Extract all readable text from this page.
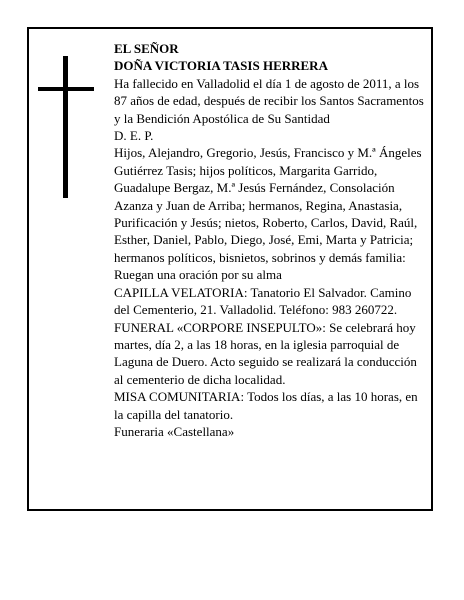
EL SEÑOR

DOÑA VICTORIA TASIS HERRERA

Ha fallecido en Valladolid el día 1 de agosto de 2011, a los 87 años de edad, después de recibir los Santos Sacramentos y la Bendición Apostólica de Su Santidad

D. E. P.

Hijos, Alejandro, Gregorio, Jesús, Francisco y M.ª Ángeles Gutiérrez Tasis; hijos políticos, Margarita Garrido, Guadalupe Bergaz, M.ª Jesús Fernández, Consolación Azanza y Juan de Arriba; hermanos, Regina, Anastasia, Purificación y Jesús; nietos, Roberto, Carlos, David, Raúl, Esther, Daniel, Pablo, Diego, José, Emi, Marta y Patricia; hermanos políticos, bisnietos, sobrinos y demás familia:

Ruegan una oración por su alma

CAPILLA VELATORIA: Tanatorio El Salvador. Camino del Cementerio, 21. Valladolid. Teléfono: 983 260722.

FUNERAL «CORPORE INSEPULTO»: Se celebrará hoy martes, día 2, a las 18 horas, en la iglesia parroquial de Laguna de Duero. Acto seguido se realizará la conducción al cementerio de dicha localidad.

MISA COMUNITARIA: Todos los días, a las 10 horas, en la capilla del tanatorio.

Funeraria «Castellana»
